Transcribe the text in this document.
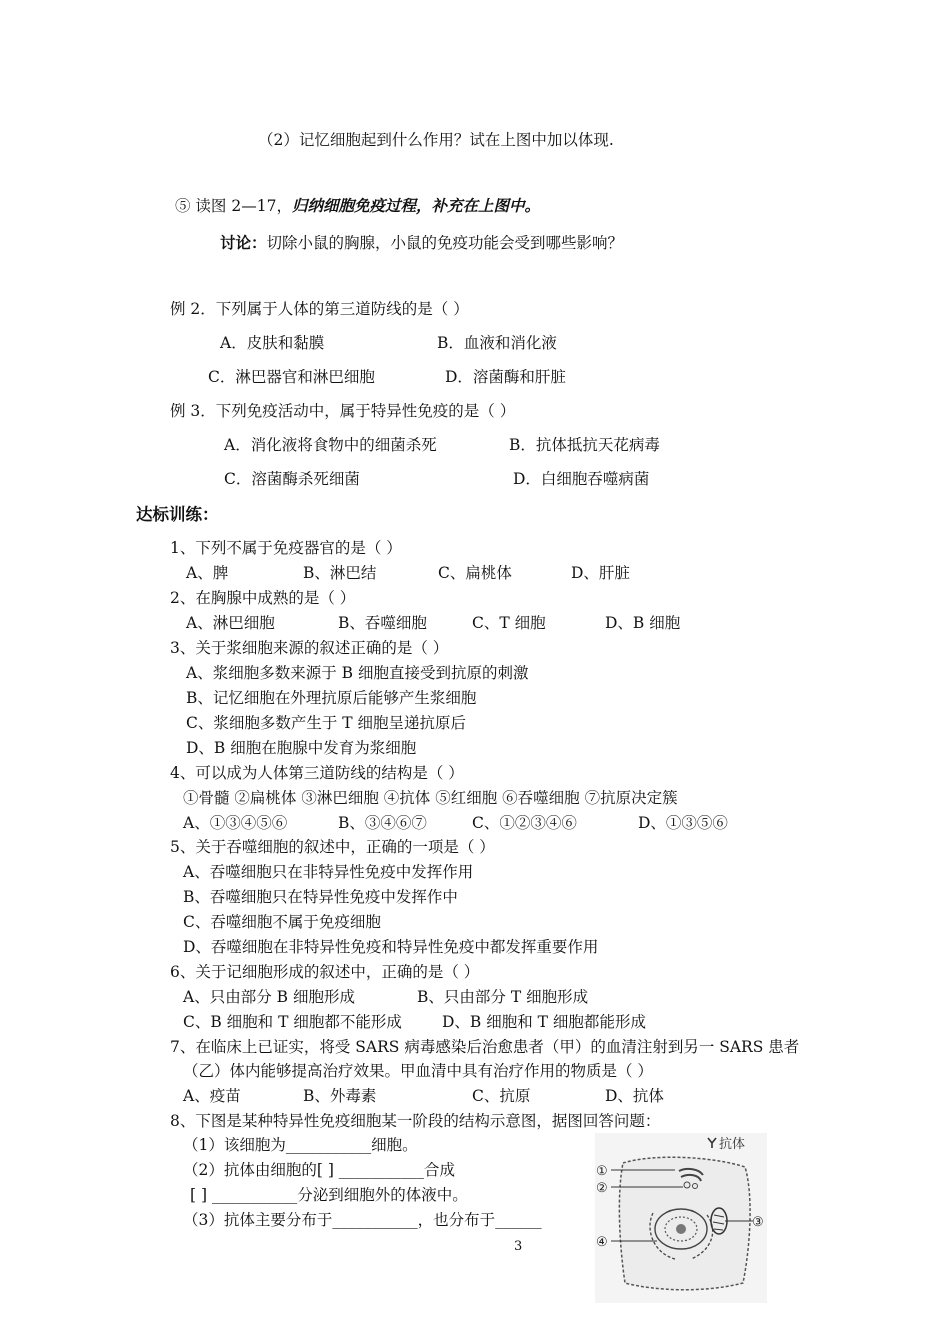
（2）记忆细胞起到什么作用？试在上图中加以体现.
⑤ 读图 2—17，归纳细胞免疫过程，补充在上图中。
讨论：切除小鼠的胸腺，小鼠的免疫功能会受到哪些影响？
例 2．下列属于人体的第三道防线的是（ ）
A．皮肤和黏膜	B．血液和消化液
C．淋巴器官和淋巴细胞	D．溶菌酶和肝脏
例 3．下列免疫活动中，属于特异性免疫的是（ ）
A．消化液将食物中的细菌杀死	B．抗体抵抗天花病毒
C．溶菌酶杀死细菌	D．白细胞吞噬病菌
达标训练：
1、下列不属于免疫器官的是（ ）
A、脾	B、淋巴结	C、扁桃体	D、肝脏
2、在胸腺中成熟的是（ ）
A、淋巴细胞	B、吞噬细胞	C、T 细胞	D、B 细胞
3、关于浆细胞来源的叙述正确的是（ ）
A、浆细胞多数来源于 B 细胞直接受到抗原的刺激
B、记忆细胞在外理抗原后能够产生浆细胞
C、浆细胞多数产生于 T 细胞呈递抗原后
D、B 细胞在胞腺中发育为浆细胞
4、可以成为人体第三道防线的结构是（ ）
①骨髓 ②扁桃体 ③淋巴细胞 ④抗体 ⑤红细胞 ⑥吞噬细胞 ⑦抗原决定簇
A、①③④⑤⑥	B、③④⑥⑦	C、①②③④⑥	D、①③⑤⑥
5、关于吞噬细胞的叙述中，正确的一项是（ ）
A、吞噬细胞只在非特异性免疫中发挥作用
B、吞噬细胞只在特异性免疫中发挥作中
C、吞噬细胞不属于免疫细胞
D、吞噬细胞在非特异性免疫和特异性免疫中都发挥重要作用
6、关于记细胞形成的叙述中，正确的是（ ）
A、只由部分 B 细胞形成	B、只由部分 T 细胞形成
C、B 细胞和 T 细胞都不能形成	D、B 细胞和 T 细胞都能形成
7、在临床上已证实，将受 SARS 病毒感染后治愈患者（甲）的血清注射到另一 SARS 患者
（乙）体内能够提高治疗效果。甲血清中具有治疗作用的物质是（ ）
A、疫苗	B、外毒素	C、抗原	D、抗体
8、下图是某种特异性免疫细胞某一阶段的结构示意图，据图回答问题：
（1）该细胞为___________细胞。
（2）抗体由细胞的[ ] ___________合成
[ ] ___________分泌到细胞外的体液中。
（3）抗体主要分布于___________，也分布于______
3
抗体
①
②
③
④
